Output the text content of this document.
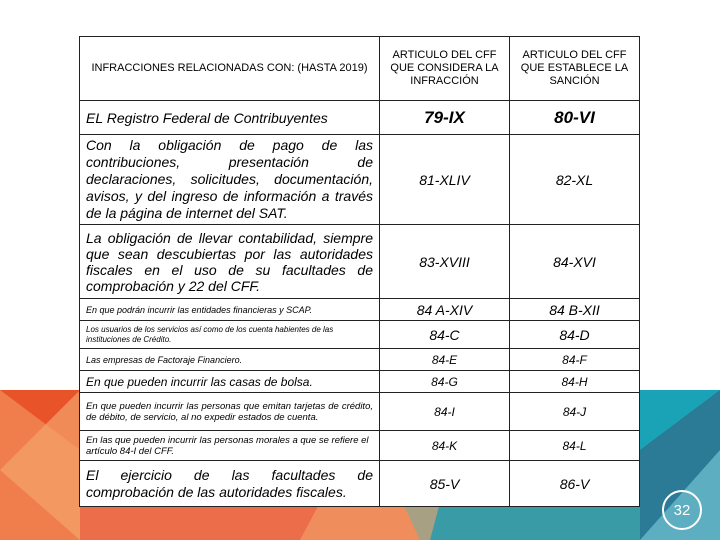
INFRACCIONES RELACIONADAS CON: (HASTA 2019)	ARTICULO DEL CFF QUE CONSIDERA LA INFRACCIÓN	ARTICULO DEL CFF QUE ESTABLECE LA SANCIÓN
EL Registro Federal de Contribuyentes	79-IX	80-VI
Con la obligación de pago de las contribuciones, presentación de declaraciones, solicitudes, documentación, avisos, y del ingreso de información a través de la página de internet del SAT.	81-XLIV	82-XL
La obligación de llevar contabilidad, siempre que sean descubiertas por las autoridades fiscales en el uso de su facultades de comprobación y 22 del CFF.	83-XVIII	84-XVI
En que podrán incurrir las entidades financieras y SCAP.	84 A-XIV	84 B-XII
Los usuarios de los servicios así como de los cuenta habientes de las instituciones de Crédito.	84-C	84-D
Las empresas de Factoraje Financiero.	84-E	84-F
En que pueden incurrir las casas de bolsa.	84-G	84-H
En que pueden incurrir las personas que emitan tarjetas de crédito, de débito, de servicio, al no expedir estados de cuenta.	84-I	84-J
En las que pueden incurrir las personas morales a que se refiere el artículo 84-I del CFF.	84-K	84-L
El ejercicio de las facultades de comprobación de las autoridades fiscales.	85-V	86-V
32
